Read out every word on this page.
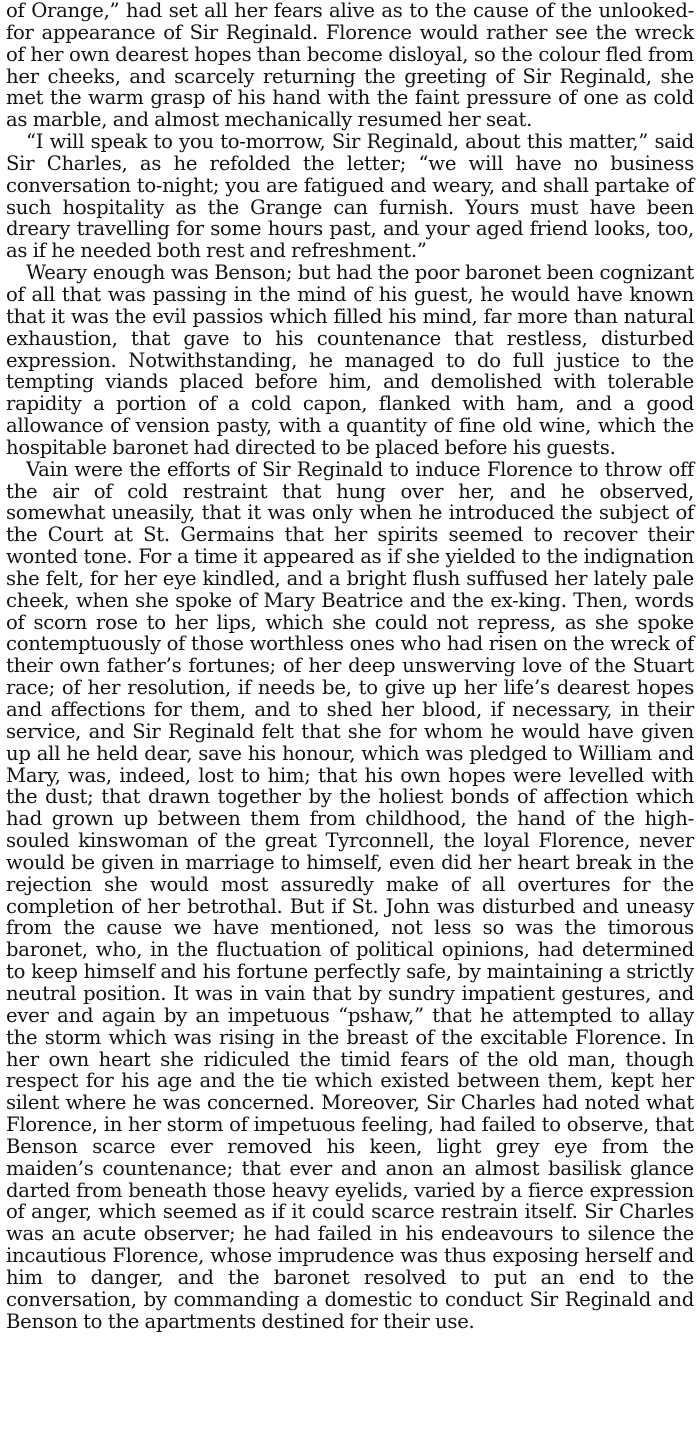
of Orange,” had set all her fears alive as to the cause of the unlooked-for appearance of Sir Reginald. Florence would rather see the wreck of her own dearest hopes than become disloyal, so the colour fled from her cheeks, and scarcely returning the greeting of Sir Reginald, she met the warm grasp of his hand with the faint pressure of one as cold as marble, and almost mechanically resumed her seat.

“I will speak to you to-morrow, Sir Reginald, about this matter,” said Sir Charles, as he refolded the letter; “we will have no business conversation to-night; you are fatigued and weary, and shall partake of such hospitality as the Grange can furnish. Yours must have been dreary travelling for some hours past, and your aged friend looks, too, as if he needed both rest and refreshment.”

Weary enough was Benson; but had the poor baronet been cognizant of all that was passing in the mind of his guest, he would have known that it was the evil passios which filled his mind, far more than natural exhaustion, that gave to his countenance that restless, disturbed expression. Notwithstanding, he managed to do full justice to the tempting viands placed before him, and demolished with tolerable rapidity a portion of a cold capon, flanked with ham, and a good allowance of vension pasty, with a quantity of fine old wine, which the hospitable baronet had directed to be placed before his guests.

Vain were the efforts of Sir Reginald to induce Florence to throw off the air of cold restraint that hung over her, and he observed, somewhat uneasily, that it was only when he introduced the subject of the Court at St. Germains that her spirits seemed to recover their wonted tone. For a time it appeared as if she yielded to the indignation she felt, for her eye kindled, and a bright flush suffused her lately pale cheek, when she spoke of Mary Beatrice and the ex-king. Then, words of scorn rose to her lips, which she could not repress, as she spoke contemptuously of those worthless ones who had risen on the wreck of their own father’s fortunes; of her deep unswerving love of the Stuart race; of her resolution, if needs be, to give up her life’s dearest hopes and affections for them, and to shed her blood, if necessary, in their service, and Sir Reginald felt that she for whom he would have given up all he held dear, save his honour, which was pledged to William and Mary, was, indeed, lost to him; that his own hopes were levelled with the dust; that drawn together by the holiest bonds of affection which had grown up between them from childhood, the hand of the high-souled kinswoman of the great Tyrconnell, the loyal Florence, never would be given in marriage to himself, even did her heart break in the rejection she would most assuredly make of all overtures for the completion of her betrothal. But if St. John was disturbed and uneasy from the cause we have mentioned, not less so was the timorous baronet, who, in the fluctuation of political opinions, had determined to keep himself and his fortune perfectly safe, by maintaining a strictly neutral position. It was in vain that by sundry impatient gestures, and ever and again by an impetuous “pshaw,” that he attempted to allay the storm which was rising in the breast of the excitable Florence. In her own heart she ridiculed the timid fears of the old man, though respect for his age and the tie which existed between them, kept her silent where he was concerned. Moreover, Sir Charles had noted what Florence, in her storm of impetuous feeling, had failed to observe, that Benson scarce ever removed his keen, light grey eye from the maiden’s countenance; that ever and anon an almost basilisk glance darted from beneath those heavy eyelids, varied by a fierce expression of anger, which seemed as if it could scarce restrain itself. Sir Charles was an acute observer; he had failed in his endeavours to silence the incautious Florence, whose imprudence was thus exposing herself and him to danger, and the baronet resolved to put an end to the conversation, by commanding a domestic to conduct Sir Reginald and Benson to the apartments destined for their use.
